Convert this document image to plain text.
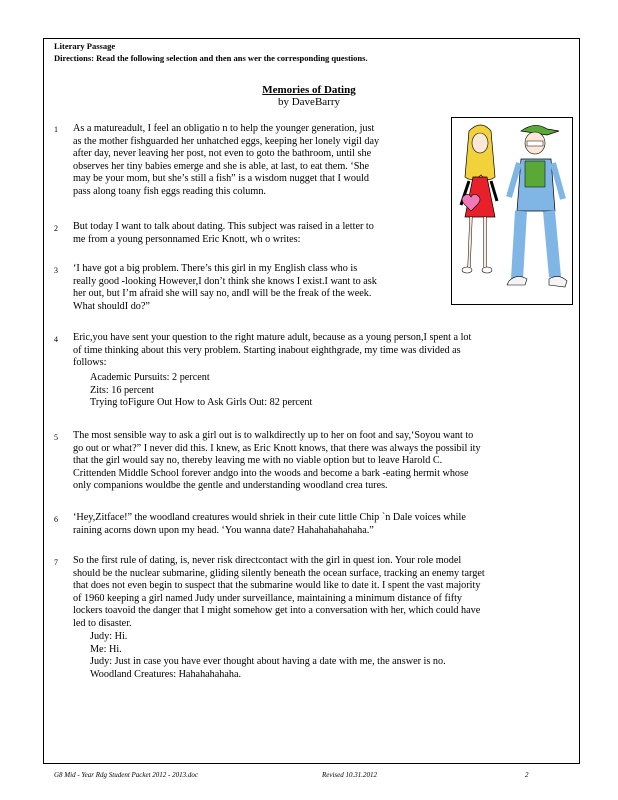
Literary Passage
Directions: Read the following selection and then ans wer the corresponding questions.
Memories of Dating
by DaveBarry
1 As a matureadult, I feel an obligatio n to help the younger generation, just
as the mother fishguarded her unhatched eggs, keeping her lonely vigil day
after day, never leaving her post, not even to goto the bathroom, until she
observes her tiny babies emerge and she is able, at last, to eat them. ‘She
may be your mom, but she’s still a fish” is a wisdom nugget that I would
pass along toany fish eggs reading this column.
2 But today I want to talk about dating. This subject was raised in a letter to
me from a young personnamed Eric Knott, wh o writes:
3 ‘I have got a big problem. There’s this girl in my English class who is
really good -looking However,I don’t think she knows I exist.I want to ask
her out, but I’m afraid she will say no, andI will be the freak of the week.
What shouldI do?”
4 Eric,you have sent your question to the right mature adult, because as a young person,I spent a lot
of time thinking about this very problem. Starting inabout eighthgrade, my time was divided as
follows:
Academic Pursuits: 2 percent
Zits: 16 percent
Trying toFigure Out How to Ask Girls Out: 82 percent
5 The most sensible way to ask a girl out is to walkdirectly up to her on foot and say,‘Soyou want to
go out or what?” I never did this. I knew, as Eric Knott knows, that there was always the possibil ity
that the girl would say no, thereby leaving me with no viable option but to leave Harold C.
Crittenden Middle School forever andgo into the woods and become a bark -eating hermit whose
only companions wouldbe the gentle and understanding woodland crea tures.
6 ‘Hey,Zitface!” the woodland creatures would shriek in their cute little Chip `n Dale voices while
raining acorns down upon my head. ‘You wanna date? Hahahahahahaha.”
7 So the first rule of dating, is, never risk directcontact with the girl in quest ion. Your role model
should be the nuclear submarine, gliding silently beneath the ocean surface, tracking an enemy target
that does not even begin to suspect that the submarine would like to date it. I spent the vast majority
of 1960 keeping a girl named Judy under surveillance, maintaining a minimum distance of fifty
lockers toavoid the danger that I might somehow get into a conversation with her, which could have
led to disaster.
Judy: Hi.
Me: Hi.
Judy: Just in case you have ever thought about having a date with me, the answer is no.
Woodland Creatures: Hahahahahaha.
G8 Mid - Year Rdg Student Packet 2012 - 2013.doc	Revised 10.31.2012	2
